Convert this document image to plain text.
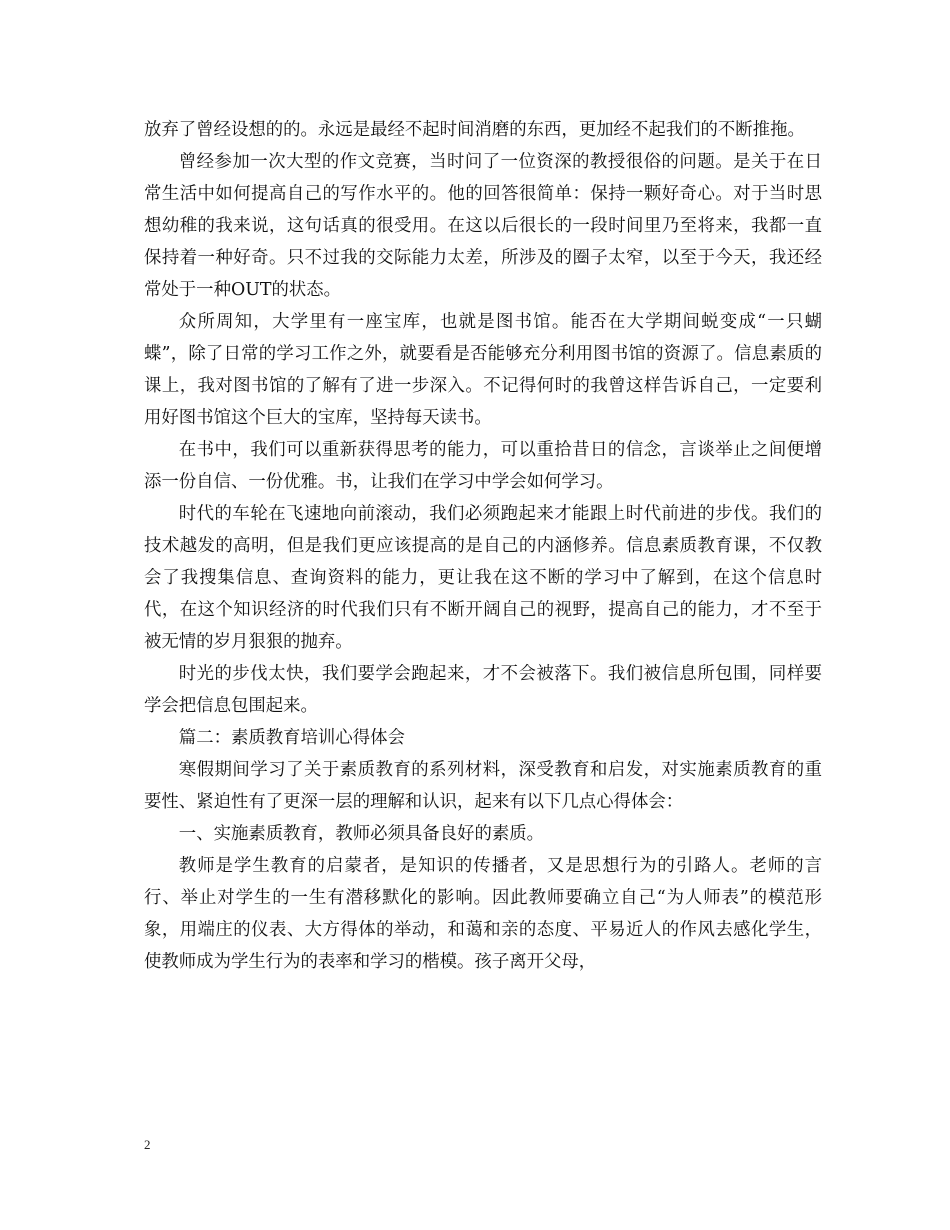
放弃了曾经设想的的。永远是最经不起时间消磨的东西，更加经不起我们的不断推拖。

曾经参加一次大型的作文竞赛，当时问了一位资深的教授很俗的问题。是关于在日常生活中如何提高自己的写作水平的。他的回答很简单：保持一颗好奇心。对于当时思想幼稚的我来说，这句话真的很受用。在这以后很长的一段时间里乃至将来，我都一直保持着一种好奇。只不过我的交际能力太差，所涉及的圈子太窄，以至于今天，我还经常处于一种OUT的状态。

众所周知，大学里有一座宝库，也就是图书馆。能否在大学期间蜕变成“一只蝴蝶”，除了日常的学习工作之外，就要看是否能够充分利用图书馆的资源了。信息素质的课上，我对图书馆的了解有了进一步深入。不记得何时的我曾这样告诉自己，一定要利用好图书馆这个巨大的宝库，坚持每天读书。

在书中，我们可以重新获得思考的能力，可以重拾昔日的信念，言谈举止之间便增添一份自信、一份优雅。书，让我们在学习中学会如何学习。

时代的车轮在飞速地向前滚动，我们必须跑起来才能跟上时代前进的步伐。我们的技术越发的高明，但是我们更应该提高的是自己的内涵修养。信息素质教育课，不仅教会了我搜集信息、查询资料的能力，更让我在这不断的学习中了解到，在这个信息时代，在这个知识经济的时代我们只有不断开阔自己的视野，提高自己的能力，才不至于被无情的岁月狠狠的抛弃。

时光的步伐太快，我们要学会跑起来，才不会被落下。我们被信息所包围，同样要学会把信息包围起来。

篇二：素质教育培训心得体会

寒假期间学习了关于素质教育的系列材料，深受教育和启发，对实施素质教育的重要性、紧迫性有了更深一层的理解和认识，起来有以下几点心得体会：

一、实施素质教育，教师必须具备良好的素质。

教师是学生教育的启蒙者，是知识的传播者，又是思想行为的引路人。老师的言行、举止对学生的一生有潜移默化的影响。因此教师要确立自己“为人师表”的模范形象，用端庄的仪表、大方得体的举动，和蔼和亲的态度、平易近人的作风去感化学生，使教师成为学生行为的表率和学习的楷模。孩子离开父母，

2
